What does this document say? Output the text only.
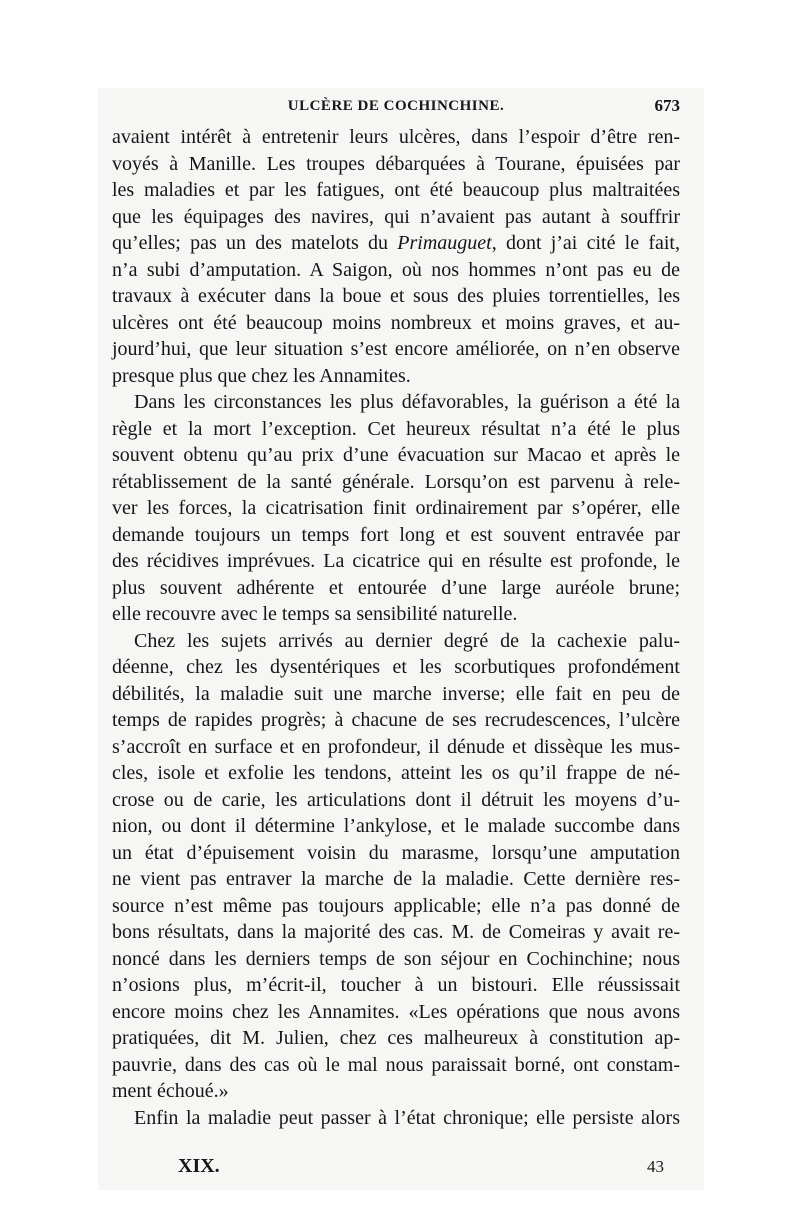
ULCÈRE DE COCHINCHINE.	673
avaient intérêt à entretenir leurs ulcères, dans l’espoir d’être ren-
voyés à Manille. Les troupes débarquées à Tourane, épuisées par
les maladies et par les fatigues, ont été beaucoup plus maltraitées
que les équipages des navires, qui n’avaient pas autant à souffrir
qu’elles; pas un des matelots du Primauguet, dont j’ai cité le fait,
n’a subi d’amputation. A Saigon, où nos hommes n’ont pas eu de
travaux à exécuter dans la boue et sous des pluies torrentielles, les
ulcères ont été beaucoup moins nombreux et moins graves, et au-
jourd’hui, que leur situation s’est encore améliorée, on n’en observe
presque plus que chez les Annamites.
Dans les circonstances les plus défavorables, la guérison a été la
règle et la mort l’exception. Cet heureux résultat n’a été le plus
souvent obtenu qu’au prix d’une évacuation sur Macao et après le
rétablissement de la santé générale. Lorsqu’on est parvenu à rele-
ver les forces, la cicatrisation finit ordinairement par s’opérer, elle
demande toujours un temps fort long et est souvent entravée par
des récidives imprévues. La cicatrice qui en résulte est profonde, le
plus souvent adhérente et entourée d’une large auréole brune;
elle recouvre avec le temps sa sensibilité naturelle.
Chez les sujets arrivés au dernier degré de la cachexie palu-
déenne, chez les dysentériques et les scorbutiques profondément
débilités, la maladie suit une marche inverse; elle fait en peu de
temps de rapides progrès; à chacune de ses recrudescences, l’ulcère
s’accroît en surface et en profondeur, il dénude et dissèque les mus-
cles, isole et exfolie les tendons, atteint les os qu’il frappe de né-
crose ou de carie, les articulations dont il détruit les moyens d’u-
nion, ou dont il détermine l’ankylose, et le malade succombe dans
un état d’épuisement voisin du marasme, lorsqu’une amputation
ne vient pas entraver la marche de la maladie. Cette dernière res-
source n’est même pas toujours applicable; elle n’a pas donné de
bons résultats, dans la majorité des cas. M. de Comeiras y avait re-
noncé dans les derniers temps de son séjour en Cochinchine; nous
n’osions plus, m’écrit-il, toucher à un bistouri. Elle réussissait
encore moins chez les Annamites. «Les opérations que nous avons
pratiquées, dit M. Julien, chez ces malheureux à constitution ap-
pauvrie, dans des cas où le mal nous paraissait borné, ont constam-
ment échoué.»
Enfin la maladie peut passer à l’état chronique; elle persiste alors
XIX.	43
